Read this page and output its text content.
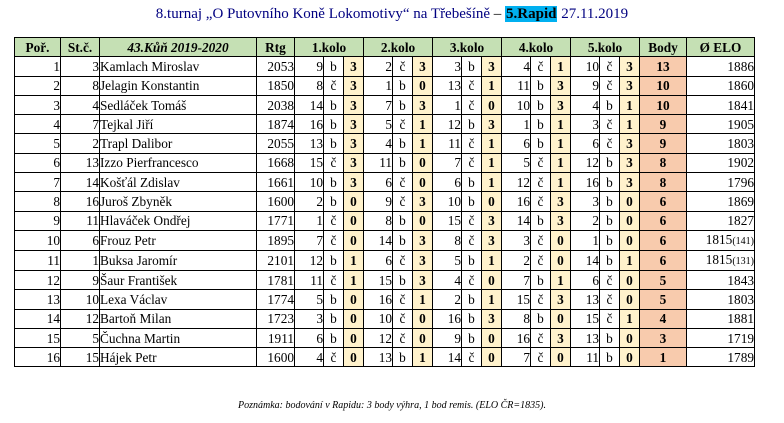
8.turnaj „O Putovního Koně Lokomotivy“ na Třebešíně – 5.Rapid 27.11.2019
Poř.	St.č.	43.Kůň 2019-2020	Rtg	1.kolo			2.kolo			3.kolo			4.kolo			5.kolo			Body	Ø ELO
1	3	Kamlach Miroslav	2053	9	b	3	2	č	3	3	b	3	4	č	1	10	č	3	13	1886
2	8	Jelagin Konstantin	1850	8	č	3	1	b	0	13	č	1	11	b	3	9	č	3	10	1860
3	4	Sedláček Tomáš	2038	14	b	3	7	b	3	1	č	0	10	b	3	4	b	1	10	1841
4	7	Tejkal Jiří	1874	16	b	3	5	č	1	12	b	3	1	b	1	3	č	1	9	1905
5	2	Trapl Dalibor	2055	13	b	3	4	b	1	11	č	1	6	b	1	6	č	3	9	1803
6	13	Izzo Pierfrancesco	1668	15	č	3	11	b	0	7	č	1	5	č	1	12	b	3	8	1902
7	14	Košťál Zdislav	1661	10	b	3	6	č	0	6	b	1	12	č	1	16	b	3	8	1796
8	16	Juroš Zbyněk	1600	2	b	0	9	č	3	10	b	0	16	č	3	3	b	0	6	1869
9	11	Hlaváček Ondřej	1771	1	č	0	8	b	0	15	č	3	14	b	3	2	b	0	6	1827
10	6	Frouz Petr	1895	7	č	0	14	b	3	8	č	3	3	č	0	1	b	0	6	1815(141)
11	1	Buksa Jaromír	2101	12	b	1	6	č	3	5	b	1	2	č	0	14	b	1	6	1815(131)
12	9	Šaur František	1781	11	č	1	15	b	3	4	č	0	7	b	1	6	č	0	5	1843
13	10	Lexa Václav	1774	5	b	0	16	č	1	2	b	1	15	č	3	13	č	0	5	1803
14	12	Bartoň Milan	1723	3	b	0	10	č	0	16	b	3	8	b	0	15	č	1	4	1881
15	5	Čuchna Martin	1911	6	b	0	12	č	0	9	b	0	16	č	3	13	b	0	3	1719
16	15	Hájek Petr	1600	4	č	0	13	b	1	14	č	0	7	č	0	11	b	0	1	1789
Poznámka: bodování v Rapidu: 3 body výhra, 1 bod remis. (ELO ČR=1835).
